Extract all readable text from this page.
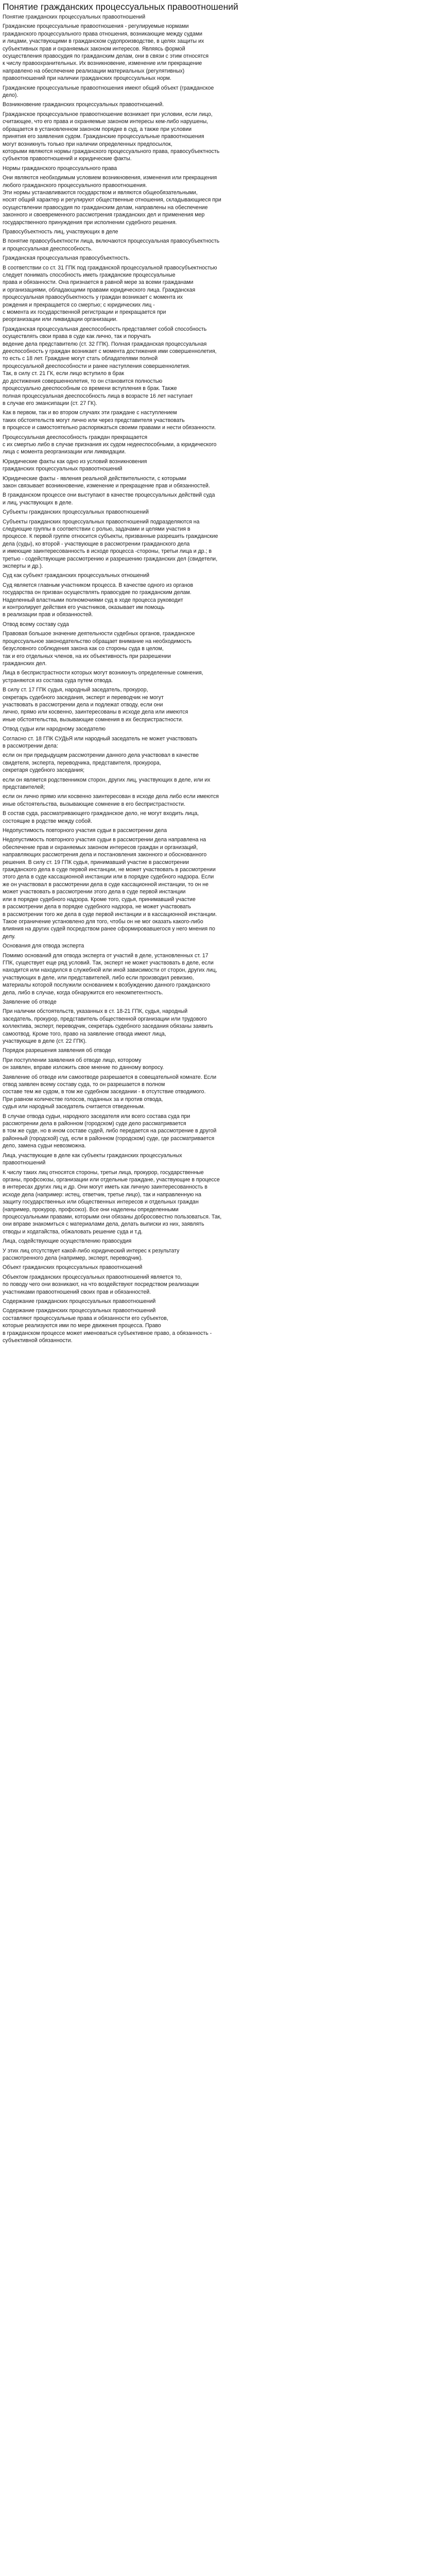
Понятие гражданских процессуальных правоотношений

Понятие гражданских процессуальных правоотношений

Гражданские процессуальные правоотношения - регулируемые нормами
гражданского процессуального права отношения, возникающие между судами
и лицами, участвующими в гражданском судопроизводстве, в целях защиты их
субъективных прав и охраняемых законом интересов. Являясь формой
осуществления правосудия по гражданским делам, они в связи с этим относятся
к числу правоохранительных. Их возникновение, изменение или прекращение
направлено на обеспечение реализации материальных (регулятивных)
правоотношений при наличии гражданских процессуальных норм.

Гражданские процессуальные правоотношения имеют общий объект (гражданское
дело).

Возникновение гражданских процессуальных правоотношений.

Гражданское процессуальное правоотношение возникает при условии, если лицо,
считающее, что его права и охраняемые законом интересы кем-либо нарушены,
обращается в установленном законом порядке в суд, а также при условии
принятия его заявления судом. Гражданские процессуальные правоотношения
могут возникнуть только при наличии определенных предпосылок,
которыми являются нормы гражданского процессуального права, правосубъектность
субъектов правоотношений и юридические факты.

Нормы гражданского процессуального права

Они являются необходимым условием возникновения, изменения или прекращения
любого гражданского процессуального правоотношения.
Эти нормы устанавливаются государством и являются общеобязательными,
носят общий характер и регулируют общественные отношения, складывающиеся при
осуществлении правосудия по гражданским делам, направлены на обеспечение
законного и своевременного рассмотрения гражданских дел и применения мер
государственного принуждения при исполнении судебного решения.

Правосубъектность лиц, участвующих в деле

В понятие правосубъектности лица, включаются процессуальная правосубъектность
и процессуальная дееспособность.

Гражданская процессуальная правосубъектность.

В соответствии со ст. 31 ГПК под гражданской процессуальной правосубъектностью
следует понимать способность иметь гражданские процессуальные
права и обязанности. Она признается в равной мере за всеми гражданами
и организациями, обладающими правами юридического лица. Гражданская
процессуальная правосубъектность у граждан возникает с момента их
рождения и прекращается со смертью; с юридических лиц -
с момента их государственной регистрации и прекращается при
реорганизации или ликвидации организации.

Гражданская процессуальная дееспособность представляет собой способность
осуществлять свои права в суде как лично, так и поручать
ведение дела представителю (ст. 32 ГПК). Полная гражданская процессуальная
дееспособность у граждан возникает с момента достижения ими совершеннолетия,
то есть с 18 лет. Граждане могут стать обладателями полной
процессуальной дееспособности и ранее наступления совершеннолетия.
Так, в силу ст. 21 ГК, если лицо вступило в брак
до достижения совершеннолетия, то он становится полностью
процессуально дееспособным со времени вступления в брак. Также
полная процессуальная дееспособность лица в возрасте 16 лет наступает
в случае его эмансипации (ст. 27 ГК).

Как в первом, так и во втором случаях эти граждане с наступлением
таких обстоятельств могут лично или через представителя участвовать
в процессе и самостоятельно распоряжаться своими правами и нести обязанности.

Процессуальная дееспособность граждан прекращается
с их смертью либо в случае признания их судом недееспособными, а юридического
лица с момента реорганизации или ликвидации.

Юридические факты как одно из условий возникновения
гражданских процессуальных правоотношений

Юридические факты - явления реальной действительности, с которыми
закон связывает возникновение, изменение и прекращение прав и обязанностей.

В гражданском процессе они выступают в качестве процессуальных действий суда
и лиц, участвующих в деле.

Субъекты гражданских процессуальных правоотношений

Субъекты гражданских процессуальных правоотношений подразделяются на
следующие группы в соответствии с ролью, задачами и целями участия в
процессе. К первой группе относится субъекты, призванные разрешить гражданские
дела (суды), ко второй - участвующие в рассмотрении гражданского дела
и имеющие заинтересованность в исходе процесса -стороны, третьи лица и др.; в
третью - содействующие рассмотрению и разрешению гражданских дел (свидетели,
эксперты и др.).

Суд как субъект гражданских процессуальных отношений

Суд является главным участником процесса. В качестве одного из органов
государства он призван осуществлять правосудие по гражданским делам.
Наделенный властными полномочиями суд в ходе процесса руководит
и контролирует действия его участников, оказывает им помощь
в реализации прав и обязанностей.

Отвод всему составу суда

Правовая большое значение деятельности судебных органов, гражданское
процессуальное законодательство обращает внимание на необходимость
безусловного соблюдения закона как со стороны суда в целом,
так и его отдельных членов, на их объективность при разрешении
гражданских дел.

Лица в беспристрастности которых могут возникнуть определенные сомнения,
устраняются из состава суда путем отвода.

В силу ст. 17 ГПК судья, народный заседатель, прокурор,
секретарь судебного заседания, эксперт и переводчик не могут
участвовать в рассмотрении дела и подлежат отводу, если они
лично, прямо или косвенно, заинтересованы в исходе дела или имеются
иные обстоятельства, вызывающие сомнения в их беспристрастности.

Отвод судьи или народному заседателю

Согласно ст. 18 ГПК СУДЬЯ или народный заседатель не может участвовать
в рассмотрении дела:

если он при предыдущем рассмотрении данного дела участвовал в качестве
свидетеля, эксперта, переводчика, представителя, прокурора,
секретаря судебного заседания;

если он является родственником сторон, других лиц, участвующих в деле, или их
представителей;

если он лично прямо или косвенно заинтересован в исходе дела либо если имеются
иные обстоятельства, вызывающие сомнение в его беспристрастности.

В состав суда, рассматривающего гражданское дело, не могут входить лица,
состоящие в родстве между собой.

Недопустимость повторного участия судьи в рассмотрении дела

Недопустимость повторного участия судьи в рассмотрении дела направлена на
обеспечение прав и охраняемых законом интересов граждан и организаций,
направляющих рассмотрения дела и постановления законного и обоснованного
решения. В силу ст. 19 ГПК судья, принимавший участие в рассмотрении
гражданского дела в суде первой инстанции, не может участвовать в рассмотрении
этого дела в суде кассационной инстанции или в порядке судебного надзора. Если
же он участвовал в рассмотрении дела в суде кассационной инстанции, то он не
может участвовать в рассмотрении этого дела в суде первой инстанции
или в порядке судебного надзора. Кроме того, судья, принимавший участие
в рассмотрении дела в порядке судебного надзора, не может участвовать
в рассмотрении того же дела в суде первой инстанции и в кассационной инстанции.
Такое ограничение установлено для того, чтобы он не мог оказать какого-либо
влияния на других судей посредством ранее сформировавшегося у него мнения по
делу.

Основания для отвода эксперта

Помимо оснований для отвода эксперта от участий в деле, установленных ст. 17
ГПК, существует еще ряд условий. Так, эксперт не может участвовать в деле, если
находится или находился в служебной или иной зависимости от сторон, других лиц,
участвующих в деле, или представителей, либо если производил ревизию,
материалы которой послужили основанием к возбуждению данного гражданского
дела, либо в случае, когда обнаружится его некомпетентность.

Заявление об отводе

При наличии обстоятельств, указанных в ст. 18-21 ГПК, судья, народный
заседатель, прокурор, представитель общественной организации или трудового
коллектива, эксперт, переводчик, секретарь судебного заседания обязаны заявить
самоотвод. Кроме того, право на заявление отвода имеют лица,
участвующие в деле (ст. 22 ГПК).

Порядок разрешения заявления об отводе

При поступлении заявления об отводе лицо, которому
он заявлен, вправе изложить свое мнение по данному вопросу.

Заявление об отводе или самоотводе разрешается в совещательной комнате. Если
отвод заявлен всему составу суда, то он разрешается в полном
составе тем же судом, в том же судебном заседании - в отсутствие отводимого.
При равном количестве голосов, поданных за и против отвода,
судья или народный заседатель считается отведенным.

В случае отвода судьи, народного заседателя или всего состава суда при
рассмотрении дела в районном (городском) суде дело рассматривается
в том же суде, но в ином составе судей, либо передается на рассмотрение в другой
районный (городской) суд, если в районном (городском) суде, где рассматривается
дело, замена судьи невозможна.

Лица, участвующие в деле как субъекты гражданских процессуальных
правоотношений

К числу таких лиц относятся стороны, третьи лица, прокурор, государственные
органы, профсоюзы, организации или отдельные граждане, участвующие в процессе
в интересах других лиц и др. Они могут иметь как личную заинтересованность в
исходе дела (например: истец, ответчик, третье лицо), так и направленную на
защиту государственных или общественных интересов и отдельных граждан
(например, прокурор, профсоюз). Все они наделены определенными
процессуальными правами, которыми они обязаны добросовестно пользоваться. Так,
они вправе знакомиться с материалами дела, делать выписки из них, заявлять
отводы и ходатайства, обжаловать решение суда и т.д.

Лица, содействующие осуществлению правосудия

У этих лиц отсутствует какой-либо юридический интерес к результату
рассмотренного дела (например, эксперт, переводчик).

Объект гражданских процессуальных правоотношений

Объектом гражданских процессуальных правоотношений является то,
по поводу чего они возникают, на что воздействуют посредством реализации
участниками правоотношений своих прав и обязанностей.

Содержание гражданских процессуальных правоотношений

Содержание гражданских процессуальных правоотношений
составляют процессуальные права и обязанности его субъектов,
которые реализуются ими по мере движения процесса. Право
в гражданском процессе может именоваться субъективное право, а обязанность -
субъективной обязанности.
